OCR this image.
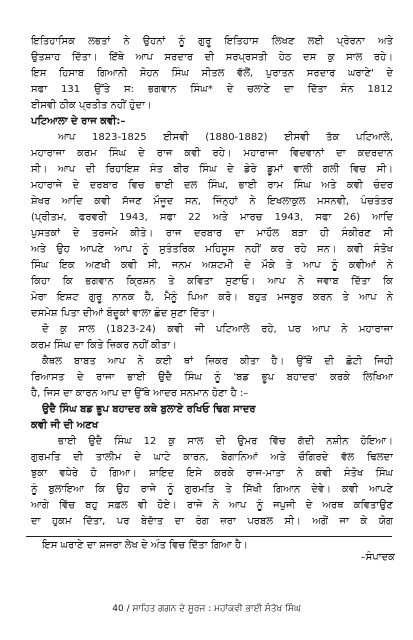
ਇਤਿਹਾਸਿਕ ਲਭਤਾਂ ਨੇ ਉਹਨਾਂ ਨੂੰ ਗੁਰੂ ਇਤਿਹਾਸ ਲਿਖਣ ਲਈ ਪ੍ਰੇਰਨਾ ਅਤੇ
ਉਤਸ਼ਾਹ ਦਿੱਤਾ। ਇੱਥੇ ਆਪ ਸਰਦਾਰ ਦੀ ਸਰਪ੍ਰਸਤੀ ਹੇਠ ਦਸ ਕੁ ਸਾਲ ਰਹੇ।
ਇਸ ਹਿਸਾਬ ਗਿਆਨੀ ਸੋਹਨ ਸਿੰਘ ਸੀਤਲ ਵੱਲੋਂ, ਪੁਰਾਤਨ ਸਰਦਾਰ ਘਰਾਣੇ' ਦੇ
ਸਫਾ 131 ਉੱਤੇ ਸ: ਭਗਵਾਨ ਸਿੰਘ* ਦੇ ਚਲਾਣੇ ਦਾ ਦਿੱਤਾ ਸੰਨ 1812
ਈਸਵੀ ਠੀਕ ਪ੍ਰਤੀਤ ਨਹੀਂ ਹੁੰਦਾ।
ਪਟਿਆਲਾ ਦੇ ਰਾਜ ਕਵੀ:–
ਆਪ 1823-1825 ਈਸਵੀ (1880-1882) ਈਸਵੀ ਤੱਕ ਪਟਿਆਲੇ,
ਮਹਾਰਾਜਾ ਕਰਮ ਸਿੰਘ ਦੇ ਰਾਜ ਕਵੀ ਰਹੇ। ਮਹਾਰਾਜਾ ਵਿਦਵਾਨਾਂ ਦਾ ਕਦਰਦਾਨ
ਸੀ। ਆਪ ਦੀ ਰਿਹਾਇਸ਼ ਸੰਤ ਬੀਰ ਸਿੰਘ ਦੇ ਡੇਰੇ ਡੂਮਾਂ ਵਾਲੀ ਗਲੀ ਵਿਚ ਸੀ।
ਮਹਾਰਾਜੇ ਦੇ ਦਰਬਾਰ ਵਿਚ ਭਾਈ ਦਲ ਸਿੰਘ, ਭਾਈ ਰਾਮ ਸਿੰਘ ਅਤੇ ਕਵੀ ਚੰਦਰ
ਸ਼ੇਖਰ ਆਦਿ ਕਵੀ ਸੱਜਣ ਮੌਜੂਦ ਸਨ, ਜਿੰਨ੍ਹਾਂ ਨੇ ਇਖਲਾਕੁਲ ਮਸਨਵੀ, ਪੰਚਤੰਤਰ
(ਪ੍ਰੀਤਮ, ਫਰਵਰੀ 1943, ਸਫਾ 22 ਅਤੇ ਮਾਰਚ 1943, ਸਫਾ 26) ਆਦਿ
ਪੁਸਤਕਾਂ ਦੇ ਤਰਜਮੇ ਕੀਤੇ। ਰਾਜ ਦਰਬਾਰ ਦਾ ਮਾਹੌਲ ਬੜਾ ਹੀ ਸੰਕੀਰਣ ਸੀ
ਅਤੇ ਉਹ ਆਪਣੇ ਆਪ ਨੂੰ ਸੁਤੰਤਰਿਕ ਮਹਿਸੂਸ ਨਹੀਂ ਕਰ ਰਹੇ ਸਨ। ਕਵੀ ਸੰਤੋਖ
ਸਿੰਘ ਇਕ ਅਣਖੀ ਕਵੀ ਸੀ, ਜਨਮ ਅਸ਼ਟਮੀ ਦੇ ਮੌਕੇ ਤੇ ਆਪ ਨੂੰ ਕਵੀਆਂ ਨੇ
ਕਿਹਾ ਕਿ ਭਗਵਾਨ ਕ੍ਰਿਸ਼ਨ ਤੇ ਕਵਿਤਾ ਸੁਣਾਓ। ਆਪ ਨੇ ਜਵਾਬ ਦਿੱਤਾ ਕਿ
ਮੇਰਾ ਇਸ਼ਟ ਗੁਰੂ ਨਾਨਕ ਹੈ, ਮੈਨੂੰ ਪਿਆ ਕਰੋ। ਬਹੁਤ ਮਜਬੂਰ ਕਰਨ ਤੇ ਆਪ ਨੇ
ਦਸਮੇਸ਼ ਪਿਤਾ ਦੀਆਂ ਬੰਦੂਕਾਂ ਵਾਲਾ ਛੰਦ ਸੁਣਾ ਦਿੱਤਾ।
ਦੋ ਕੁ ਸਾਲ (1823-24) ਕਵੀ ਜੀ ਪਟਿਆਲੇ ਰਹੇ, ਪਰ ਆਪ ਨੇ ਮਹਾਰਾਜਾ
ਕਰਮ ਸਿੰਘ ਦਾ ਕਿਤੇ ਜ਼ਿਕਰ ਨਹੀਂ ਕੀਤਾ।
ਕੈਥਲ ਬਾਬਤ ਆਪ ਨੇ ਕਈ ਥਾਂ ਜ਼ਿਕਰ ਕੀਤਾ ਹੈ। ਉੱਥੋਂ ਦੀ ਛੋਟੀ ਜਿਹੀ
ਰਿਆਸਤ ਦੇ ਰਾਜਾ ਭਾਈ ਉਦੈ ਸਿੰਘ ਨੂੰ 'ਬਡ ਭੂਪ ਬਹਾਦਰ' ਕਰਕੇ ਲਿਖਿਆ
ਹੈ, ਜਿਸ ਦਾ ਕਾਰਨ ਆਪ ਦਾ ਉੱਥੇ ਆਦਰ ਸਨਮਾਨ ਹੋਣਾ ਹੈ :–
ਉਦੈ ਸਿੰਘ ਬਡ ਭੂਪ ਬਹਾਦਰ ਕਥੇ ਬੁਲਾਏ ਰਖਿਓ ਢਿਗ ਸਾਦਰ
ਕਵੀ ਜੀ ਦੀ ਅਣਖ
ਭਾਈ ਉਦੈ ਸਿੰਘ 12 ਕੁ ਸਾਲ ਦੀ ਉਮਰ ਵਿੱਚ ਗੱਦੀ ਨਸ਼ੀਨ ਹੋਇਆ।
ਗੁਰਮਤਿ ਦੀ ਤਾਲੀਮ ਦੇ ਘਾਟੇ ਕਾਰਨ, ਬੇਗਾਨਿਆਂ ਅਤੇ ਚੌਗਿਰਦੇ ਵੱਲ ਢਿਲਦਾ
ਝੁਕਾ ਵਧੇਰੇ ਹੋ ਗਿਆ। ਸ਼ਾਇਦ ਇਸੇ ਕਰਕੇ ਰਾਜ-ਮਾਤਾ ਨੇ ਕਵੀ ਸੰਤੋਖ ਸਿੰਘ
ਨੂੰ ਬੁਲਾਇਆ ਕਿ ਉਹ ਰਾਜੇ ਨੂੰ ਗੁਰਮਤਿ ਤੇ ਸਿੱਖੀ ਗਿਆਨ ਦੇਵੇ। ਕਵੀ ਆਪਣੇ
ਆਗੇ ਵਿੱਚ ਬਹੁ ਸਫ਼ਲ ਵੀ ਹੋਏ। ਰਾਜੇ ਨੇ ਆਪ ਨੂੰ ਜਪੁਜੀ ਦੇ ਅਰਥ ਕਵਿਤਾਉਣ
ਦਾ ਹੁਕਮ ਦਿੱਤਾ, ਪਰ ਬੇਦਾੱਤ ਦਾ ਰੰਗ ਜ਼ਰਾ ਪਰਬਲ ਸੀ। ਅਗੋਂ ਜਾ ਕੇ ਯੋਗ
ਇਸ ਘਰਾਣੇ ਦਾ ਸ਼ਜਰਾ ਲੇਖ ਦੇ ਅੰਤ ਵਿਚ ਦਿੱਤਾ ਗਿਆ ਹੈ।
–ਸੰਪਾਦਕ
40 / ਸਾਹਿਤ ਗਗਨ ਦੇ ਸੂਰਜ : ਮਹਾਂਕਵੀ ਭਾਈ ਸੰਤੋਖ ਸਿੰਘ
